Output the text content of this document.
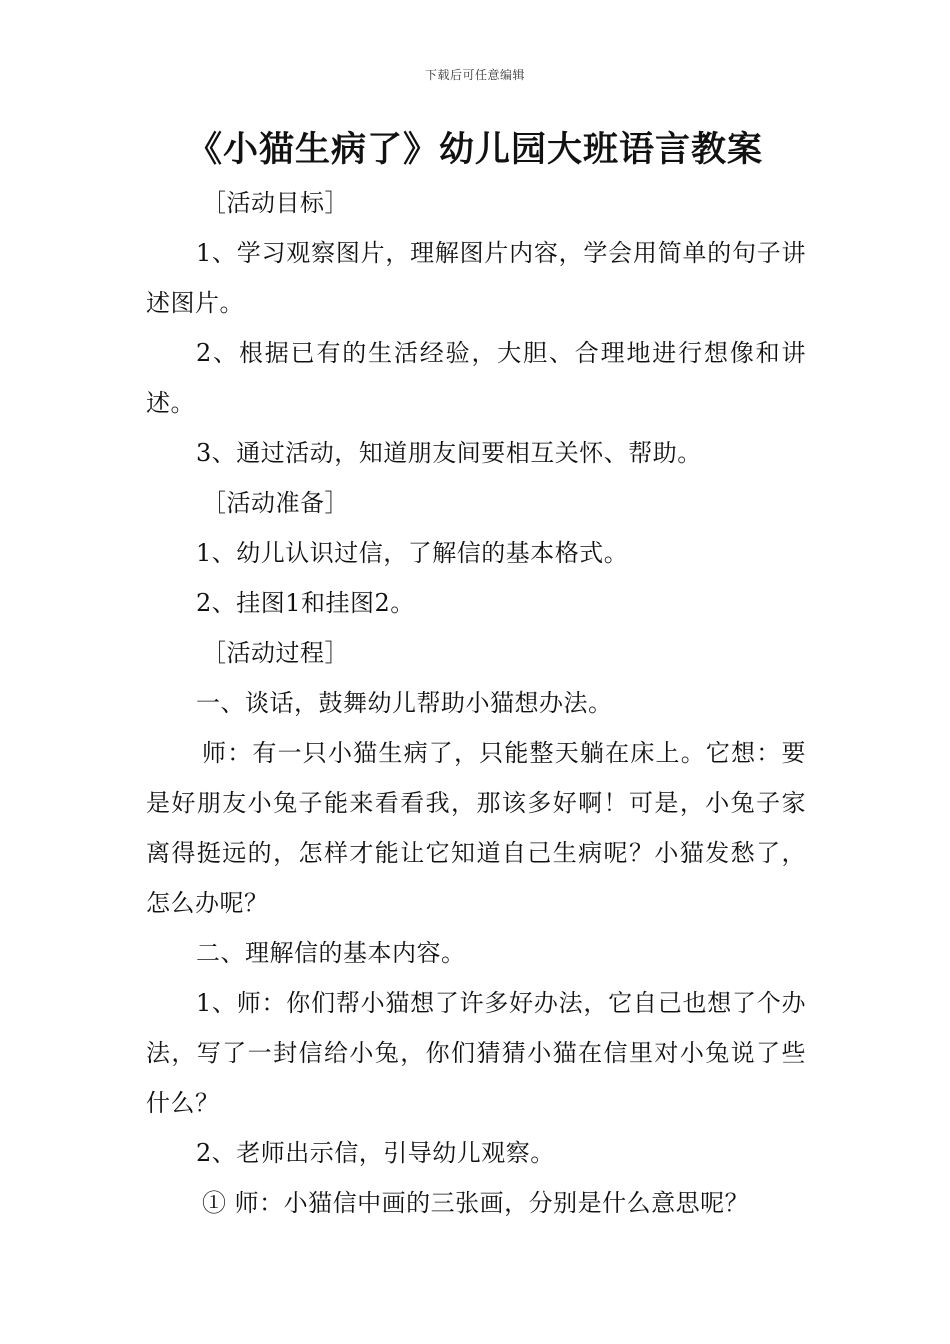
下载后可任意编辑
《小猫生病了》幼儿园大班语言教案

［活动目标］

1、学习观察图片，理解图片内容，学会用简单的句子讲述图片。

2、根据已有的生活经验，大胆、合理地进行想像和讲述。

3、通过活动，知道朋友间要相互关怀、帮助。

［活动准备］

1、幼儿认识过信，了解信的基本格式。

2、挂图1和挂图2。

［活动过程］

一、谈话，鼓舞幼儿帮助小猫想办法。

师：有一只小猫生病了，只能整天躺在床上。它想：要是好朋友小兔子能来看看我，那该多好啊！可是，小兔子家离得挺远的，怎样才能让它知道自己生病呢？小猫发愁了，怎么办呢？

二、理解信的基本内容。

1、师：你们帮小猫想了许多好办法，它自己也想了个办法，写了一封信给小兔，你们猜猜小猫在信里对小兔说了些什么？

2、老师出示信，引导幼儿观察。

① 师：小猫信中画的三张画，分别是什么意思呢？
